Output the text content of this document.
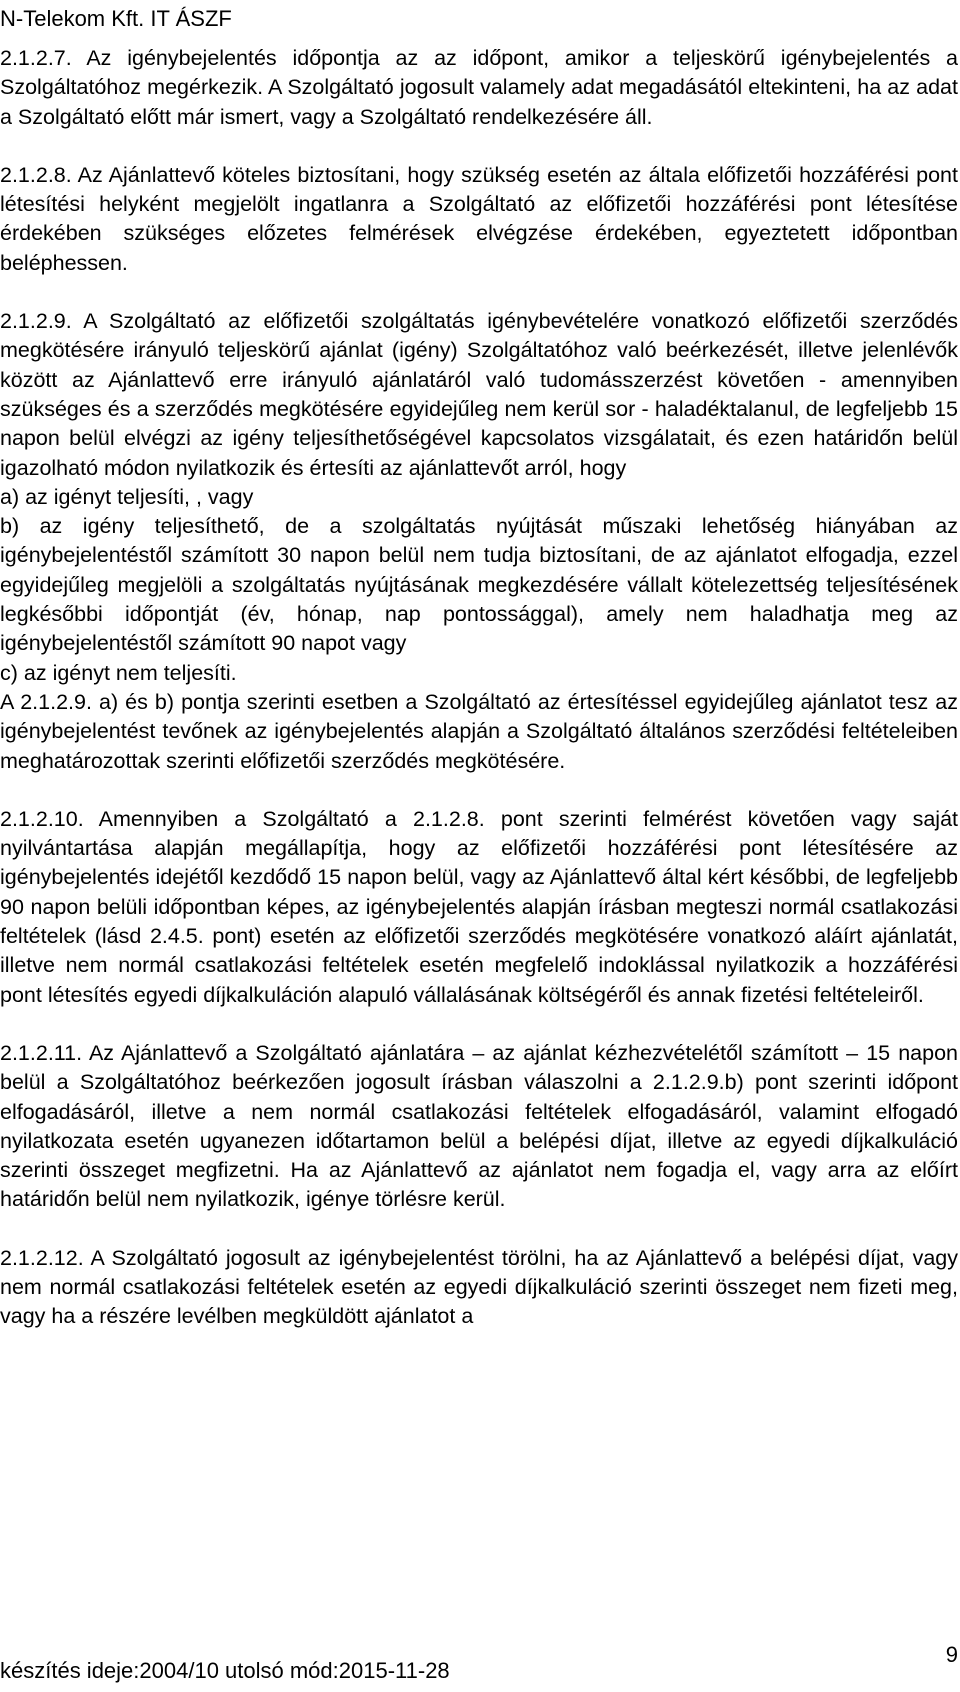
N-Telekom Kft. IT ÁSZF

2.1.2.7. Az igénybejelentés időpontja az az időpont, amikor a teljeskörű igénybejelentés a Szolgáltatóhoz megérkezik. A Szolgáltató jogosult valamely adat megadásától eltekinteni, ha az adat a Szolgáltató előtt már ismert, vagy a Szolgáltató rendelkezésére áll.

2.1.2.8. Az Ajánlattevő köteles biztosítani, hogy szükség esetén az általa előfizetői hozzáférési pont létesítési helyként megjelölt ingatlanra a Szolgáltató az előfizetői hozzáférési pont létesítése érdekében szükséges előzetes felmérések elvégzése érdekében, egyeztetett időpontban beléphessen.

2.1.2.9. A Szolgáltató az előfizetői szolgáltatás igénybevételére vonatkozó előfizetői szerződés megkötésére irányuló teljeskörű ajánlat (igény) Szolgáltatóhoz való beérkezését, illetve jelenlévők között az Ajánlattevő erre irányuló ajánlatáról való tudomásszerzést követően - amennyiben szükséges és a szerződés megkötésére egyidejűleg nem kerül sor - haladéktalanul, de legfeljebb 15 napon belül elvégzi az igény teljesíthetőségével kapcsolatos vizsgálatait, és ezen határidőn belül igazolható módon nyilatkozik és értesíti az ajánlattevőt arról, hogy

a) az igényt teljesíti, , vagy

b) az igény teljesíthető, de a szolgáltatás nyújtását műszaki lehetőség hiányában az igénybejelentéstől számított 30 napon belül nem tudja biztosítani, de az ajánlatot elfogadja, ezzel egyidejűleg megjelöli a szolgáltatás nyújtásának megkezdésére vállalt kötelezettség teljesítésének legkésőbbi időpontját (év, hónap, nap pontossággal), amely nem haladhatja meg az igénybejelentéstől számított 90 napot vagy

c) az igényt nem teljesíti.

A 2.1.2.9. a) és b) pontja szerinti esetben a Szolgáltató az értesítéssel egyidejűleg ajánlatot tesz az igénybejelentést tevőnek az igénybejelentés alapján a Szolgáltató általános szerződési feltételeiben meghatározottak szerinti előfizetői szerződés megkötésére.

2.1.2.10. Amennyiben a Szolgáltató a 2.1.2.8. pont szerinti felmérést követően vagy saját nyilvántartása alapján megállapítja, hogy az előfizetői hozzáférési pont létesítésére az igénybejelentés idejétől kezdődő 15 napon belül, vagy az Ajánlattevő által kért későbbi, de legfeljebb 90 napon belüli időpontban képes, az igénybejelentés alapján írásban megteszi normál csatlakozási feltételek (lásd 2.4.5. pont) esetén az előfizetői szerződés megkötésére vonatkozó aláírt ajánlatát, illetve nem normál csatlakozási feltételek esetén megfelelő indoklással nyilatkozik a hozzáférési pont létesítés egyedi díjkalkuláción alapuló vállalásának költségéről és annak fizetési feltételeiről.

2.1.2.11. Az Ajánlattevő a Szolgáltató ajánlatára – az ajánlat kézhezvételétől számított – 15 napon belül a Szolgáltatóhoz beérkezően jogosult írásban válaszolni a 2.1.2.9.b) pont szerinti időpont elfogadásáról, illetve a nem normál csatlakozási feltételek elfogadásáról, valamint elfogadó nyilatkozata esetén ugyanezen időtartamon belül a belépési díjat, illetve az egyedi díjkalkuláció szerinti összeget megfizetni. Ha az Ajánlattevő az ajánlatot nem fogadja el, vagy arra az előírt határidőn belül nem nyilatkozik, igénye törlésre kerül.

2.1.2.12. A Szolgáltató jogosult az igénybejelentést törölni, ha az Ajánlattevő a belépési díjat, vagy nem normál csatlakozási feltételek esetén az egyedi díjkalkuláció szerinti összeget nem fizeti meg, vagy ha a részére levélben megküldött ajánlatot a

készítés ideje:2004/10 utolsó mód:2015-11-28
9
